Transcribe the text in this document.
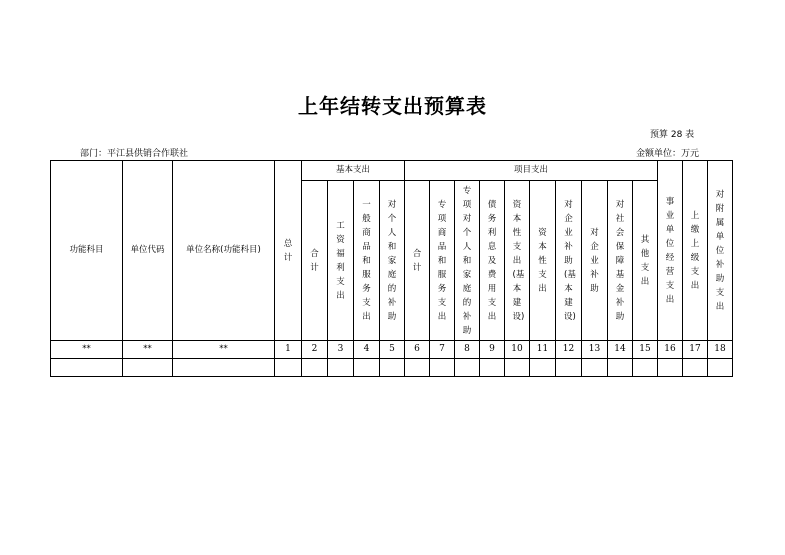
上年结转支出预算表
预算 28 表
部门：平江县供销合作联社	金额单位：万元
功能科目	单位代码	单位名称(功能科目)	总计	基本支出				项目支出										事业单位经营支出	上缴上级支出	对附属单位补助支出
				合计	工资福利支出	一般商品和服务支出	对个人和家庭的补助	合计	专项商品和服务支出	专项对个人和家庭的补助	债务利息及费用支出	资本性支出(基本建设)	资本性支出	对企业补助(基本建设)	对企业补助	对社会保障基金补助	其他支出			
**	**	**	1	2	3	4	5	6	7	8	9	10	11	12	13	14	15	16	17	18
